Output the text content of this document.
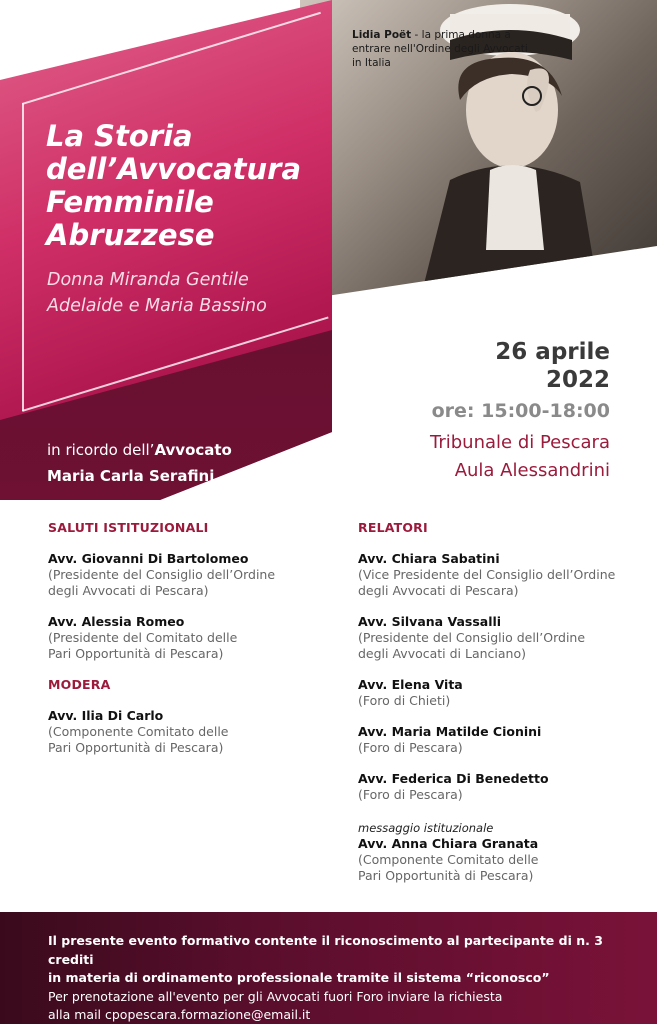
Lidia Poët - la prima donna a entrare nell'Ordine degli Avvocati in Italia
La Storia
dell’Avvocatura
Femminile
Abruzzese
Donna Miranda Gentile
Adelaide e Maria Bassino
in ricordo dell’Avvocato
Maria Carla Serafini
26 aprile
2022
ore: 15:00-18:00
Tribunale di Pescara
Aula Alessandrini
SALUTI ISTITUZIONALI
Avv. Giovanni Di Bartolomeo
(Presidente del Consiglio dell’Ordine
degli Avvocati di Pescara)
Avv. Alessia Romeo
(Presidente del Comitato delle
Pari Opportunità di Pescara)
MODERA
Avv. Ilia Di Carlo
(Componente Comitato delle
Pari Opportunità di Pescara)
RELATORI
Avv. Chiara Sabatini
(Vice Presidente del Consiglio dell’Ordine
degli Avvocati di Pescara)
Avv. Silvana Vassalli
(Presidente del Consiglio dell’Ordine
degli Avvocati di Lanciano)
Avv. Elena Vita
(Foro di Chieti)
Avv. Maria Matilde Cionini
(Foro di Pescara)
Avv. Federica Di Benedetto
(Foro di Pescara)
messaggio istituzionale
Avv. Anna Chiara Granata
(Componente Comitato delle
Pari Opportunità di Pescara)

Il presente evento formativo contente il riconoscimento al partecipante di n. 3 crediti

in materia di ordinamento professionale tramite il sistema “riconosco”

Per prenotazione all'evento per gli Avvocati fuori Foro inviare la richiesta

alla mail cpopescara.formazione@email.it
